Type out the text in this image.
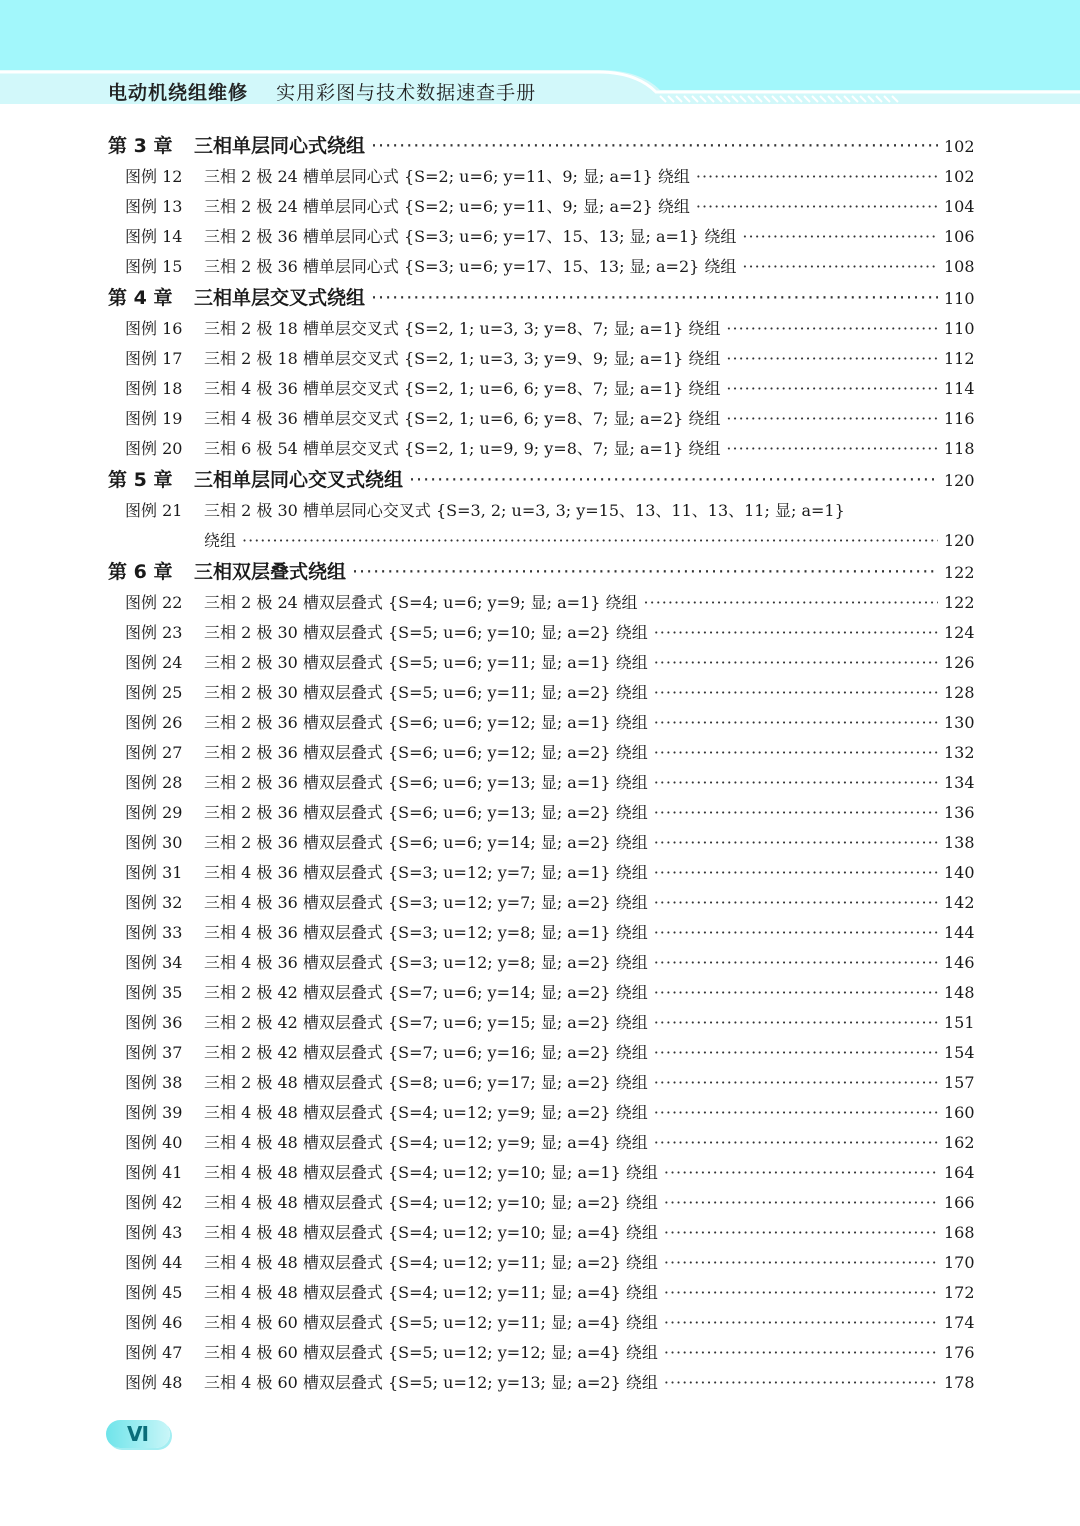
电动机绕组维修 实用彩图与技术数据速查手册
第 3 章	三相单层同心式绕组 ·····	102
图例 12	三相 2 极 24 槽单层同心式 {S=2; u=6; y=11、9; 显; a=1} 绕组 ·····	102
图例 13	三相 2 极 24 槽单层同心式 {S=2; u=6; y=11、9; 显; a=2} 绕组 ·····	104
图例 14	三相 2 极 36 槽单层同心式 {S=3; u=6; y=17、15、13; 显; a=1} 绕组 ·····	106
图例 15	三相 2 极 36 槽单层同心式 {S=3; u=6; y=17、15、13; 显; a=2} 绕组 ·····	108
第 4 章	三相单层交叉式绕组 ·····	110
图例 16	三相 2 极 18 槽单层交叉式 {S=2, 1; u=3, 3; y=8、7; 显; a=1} 绕组 ·····	110
图例 17	三相 2 极 18 槽单层交叉式 {S=2, 1; u=3, 3; y=9、9; 显; a=1} 绕组 ·····	112
图例 18	三相 4 极 36 槽单层交叉式 {S=2, 1; u=6, 6; y=8、7; 显; a=1} 绕组 ·····	114
图例 19	三相 4 极 36 槽单层交叉式 {S=2, 1; u=6, 6; y=8、7; 显; a=2} 绕组 ·····	116
图例 20	三相 6 极 54 槽单层交叉式 {S=2, 1; u=9, 9; y=8、7; 显; a=1} 绕组 ·····	118
第 5 章	三相单层同心交叉式绕组 ·····	120
图例 21	三相 2 极 30 槽单层同心交叉式 {S=3, 2; u=3, 3; y=15、13、11、13、11; 显; a=1}
绕组 ·····	120
第 6 章	三相双层叠式绕组 ·····	122
图例 22	三相 2 极 24 槽双层叠式 {S=4; u=6; y=9; 显; a=1} 绕组 ·····	122
图例 23	三相 2 极 30 槽双层叠式 {S=5; u=6; y=10; 显; a=2} 绕组 ·····	124
图例 24	三相 2 极 30 槽双层叠式 {S=5; u=6; y=11; 显; a=1} 绕组 ·····	126
图例 25	三相 2 极 30 槽双层叠式 {S=5; u=6; y=11; 显; a=2} 绕组 ·····	128
图例 26	三相 2 极 36 槽双层叠式 {S=6; u=6; y=12; 显; a=1} 绕组 ·····	130
图例 27	三相 2 极 36 槽双层叠式 {S=6; u=6; y=12; 显; a=2} 绕组 ·····	132
图例 28	三相 2 极 36 槽双层叠式 {S=6; u=6; y=13; 显; a=1} 绕组 ·····	134
图例 29	三相 2 极 36 槽双层叠式 {S=6; u=6; y=13; 显; a=2} 绕组 ·····	136
图例 30	三相 2 极 36 槽双层叠式 {S=6; u=6; y=14; 显; a=2} 绕组 ·····	138
图例 31	三相 4 极 36 槽双层叠式 {S=3; u=12; y=7; 显; a=1} 绕组 ·····	140
图例 32	三相 4 极 36 槽双层叠式 {S=3; u=12; y=7; 显; a=2} 绕组 ·····	142
图例 33	三相 4 极 36 槽双层叠式 {S=3; u=12; y=8; 显; a=1} 绕组 ·····	144
图例 34	三相 4 极 36 槽双层叠式 {S=3; u=12; y=8; 显; a=2} 绕组 ·····	146
图例 35	三相 2 极 42 槽双层叠式 {S=7; u=6; y=14; 显; a=2} 绕组 ·····	148
图例 36	三相 2 极 42 槽双层叠式 {S=7; u=6; y=15; 显; a=2} 绕组 ·····	151
图例 37	三相 2 极 42 槽双层叠式 {S=7; u=6; y=16; 显; a=2} 绕组 ·····	154
图例 38	三相 2 极 48 槽双层叠式 {S=8; u=6; y=17; 显; a=2} 绕组 ·····	157
图例 39	三相 4 极 48 槽双层叠式 {S=4; u=12; y=9; 显; a=2} 绕组 ·····	160
图例 40	三相 4 极 48 槽双层叠式 {S=4; u=12; y=9; 显; a=4} 绕组 ·····	162
图例 41	三相 4 极 48 槽双层叠式 {S=4; u=12; y=10; 显; a=1} 绕组 ·····	164
图例 42	三相 4 极 48 槽双层叠式 {S=4; u=12; y=10; 显; a=2} 绕组 ·····	166
图例 43	三相 4 极 48 槽双层叠式 {S=4; u=12; y=10; 显; a=4} 绕组 ·····	168
图例 44	三相 4 极 48 槽双层叠式 {S=4; u=12; y=11; 显; a=2} 绕组 ·····	170
图例 45	三相 4 极 48 槽双层叠式 {S=4; u=12; y=11; 显; a=4} 绕组 ·····	172
图例 46	三相 4 极 60 槽双层叠式 {S=5; u=12; y=11; 显; a=4} 绕组 ·····	174
图例 47	三相 4 极 60 槽双层叠式 {S=5; u=12; y=12; 显; a=4} 绕组 ·····	176
图例 48	三相 4 极 60 槽双层叠式 {S=5; u=12; y=13; 显; a=2} 绕组 ·····	178
Ⅵ
